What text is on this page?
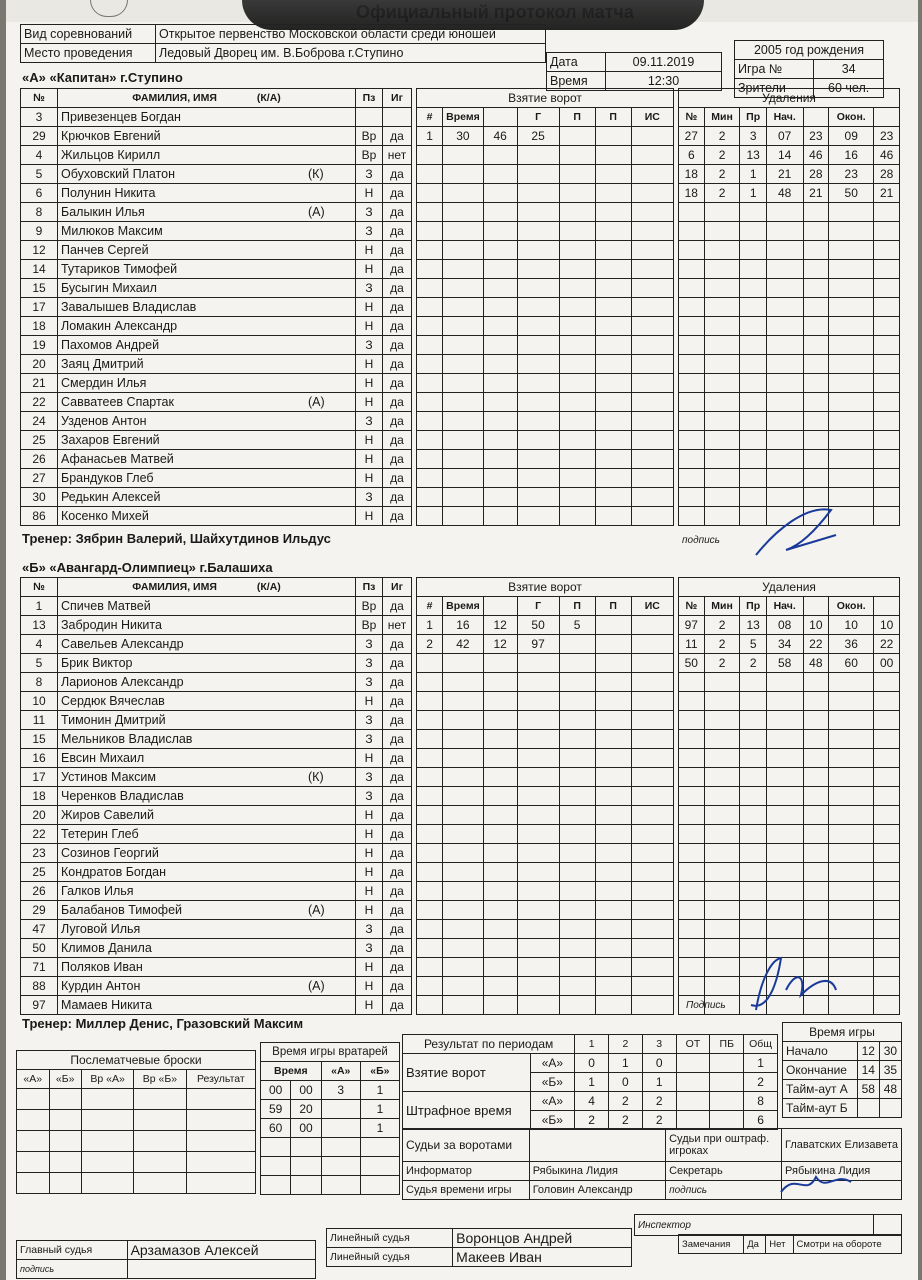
Вид соревнований	Открытое первенство Московской области среди юношей
Место проведения	Ледовый Дворец им. В.Боброва г.Ступино
Дата	09.11.2019
Время	12:30
2005 год рождения	
Игра №	34
Зрители	60 чел.
«А» «Капитан» г.Ступино
№	ФАМИЛИЯ, ИМЯ (К/А)	Пз	Иг
3	Привезенцев Богдан		
29	Крючков Евгений	Вр	да
4	Жильцов Кирилл	Вр	нет
5	Обуховский Платон (К)	З	да
6	Полунин Никита	Н	да
8	Балыкин Илья (А)	З	да
9	Милюков Максим	З	да
12	Панчев Сергей	Н	да
14	Тутариков Тимофей	Н	да
15	Бусыгин Михаил	З	да
17	Завалышев Владислав	Н	да
18	Ломакин Александр	Н	да
19	Пахомов Андрей	З	да
20	Заяц Дмитрий	Н	да
21	Смердин Илья	Н	да
22	Савватеев Спартак (А)	Н	да
24	Узденов Антон	З	да
25	Захаров Евгений	Н	да
26	Афанасьев Матвей	Н	да
27	Брандуков Глеб	Н	да
30	Редькин Алексей	З	да
86	Косенко Михей	Н	да
Взятие ворот						
#	Время		Г	П	П	ИС
1	30	46	25			

Удаления						
№	Мин	Пр	Нач.		Окон.	
27	2	3	07	23	09	23
6	2	13	14	46	16	46
18	2	1	21	28	23	28
18	2	1	48	21	50	21

Тренер: Зябрин Валерий, Шайхутдинов Ильдус	подпись
«Б» «Авангард-Олимпиец» г.Балашиха
№	ФАМИЛИЯ, ИМЯ (К/А)	Пз	Иг
1	Спичев Матвей	Вр	да
13	Забродин Никита	Вр	нет
4	Савельев Александр	З	да
5	Брик Виктор	З	да
8	Ларионов Александр	З	да
10	Сердюк Вячеслав	Н	да
11	Тимонин Дмитрий	З	да
15	Мельников Владислав	З	да
16	Евсин Михаил	Н	да
17	Устинов Максим (К)	З	да
18	Черенков Владислав	З	да
20	Жиров Савелий	Н	да
22	Тетерин Глеб	Н	да
23	Созинов Георгий	Н	да
25	Кондратов Богдан	Н	да
26	Галков Илья	Н	да
29	Балабанов Тимофей (А)	Н	да
47	Луговой Илья	З	да
50	Климов Данила	З	да
71	Поляков Иван	Н	да
88	Курдин Антон (А)	Н	да
97	Мамаев Никита	Н	да
Взятие ворот						
#	Время		Г	П	П	ИС
1	16	12	50	5		
2	42	12	97			

Удаления						
№	Мин	Пр	Нач.		Окон.	
97	2	13	08	10	10	10
11	2	5	34	22	36	22
50	2	2	58	48	60	00

Тренер: Миллер Денис, Гразовский Максим
Подпись
Послематчевые броски				
«А»	«Б»	Вр «А»	Вр «Б»	Результат

Время игры вратарей			
Время		«А»	«Б»
00	00	3	1
59	20		1
60	00		1

Результат по периодам		1	2	3	ОТ	ПБ	Общ
Взятие ворот	«А»	0	1	0			1
	«Б»	1	0	1			2
Штрафное время	«А»	4	2	2			8
	«Б»	2	2	2			6
Время игры		
Начало	12	30
Окончание	14	35
Тайм-аут А	58	48
Тайм-аут Б		
Судьи за воротами		Судьи при оштраф. игроках	Главатских Елизавета
Информатор	Рябыкина Лидия	Секретарь	Рябыкина Лидия
Судья времени игры	Головин Александр	подпись	
Инспектор	
Линейный судья	Воронцов Андрей
Линейный судья	Макеев Иван
Главный судья	Арзамазов Алексей
подпись	
Замечания	Да	Нет	Смотри на обороте
